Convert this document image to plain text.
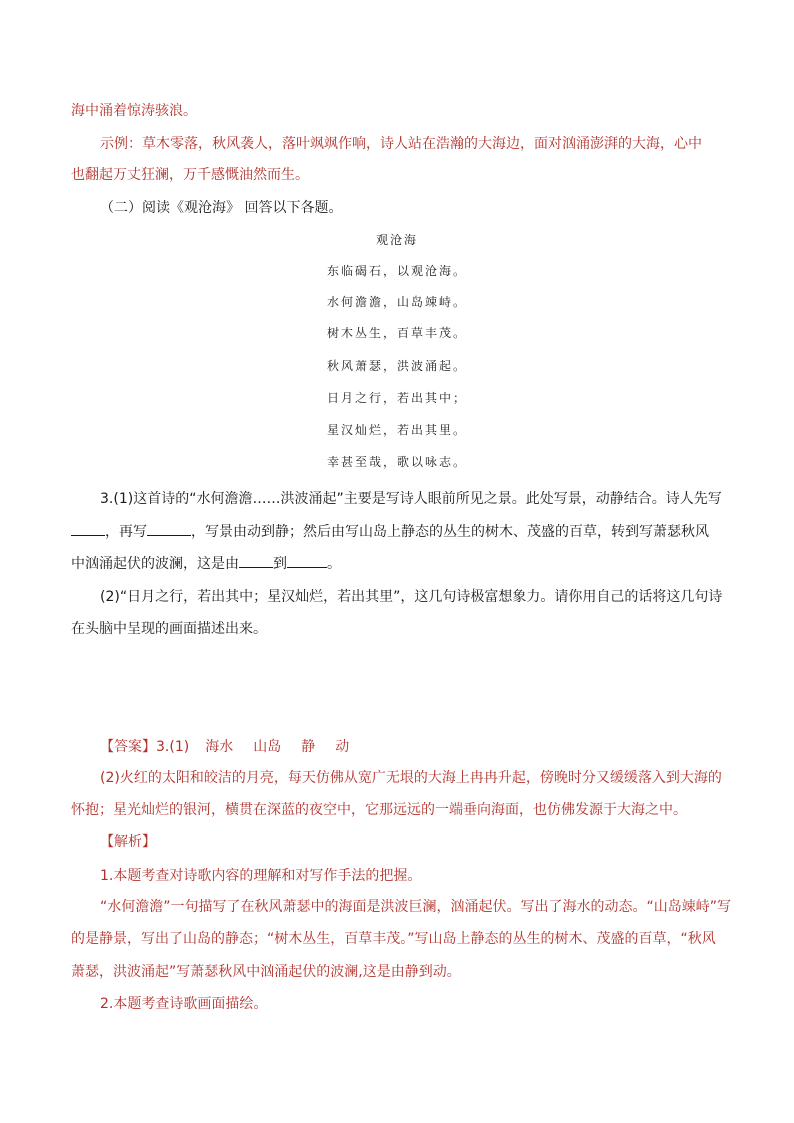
海中涌着惊涛骇浪。
示例：草木零落，秋风袭人，落叶飒飒作响，诗人站在浩瀚的大海边，面对汹涌澎湃的大海，心中
也翻起万丈狂澜，万千感慨油然而生。
（二）阅读《观沧海》 回答以下各题。
观沧海
东临碣石，以观沧海。
水何澹澹，山岛竦峙。
树木丛生，百草丰茂。
秋风萧瑟，洪波涌起。
日月之行，若出其中；
星汉灿烂，若出其里。
幸甚至哉，歌以咏志。
3.(1)这首诗的“水何澹澹……洪波涌起”主要是写诗人眼前所见之景。此处写景，动静结合。诗人先写
，再写	，写景由动到静；然后由写山岛上静态的丛生的树木、茂盛的百草，转到写萧瑟秋风
中汹涌起伏的波澜，这是由 到	。
(2)“日月之行，若出其中；星汉灿烂，若出其里”，这几句诗极富想象力。请你用自己的话将这几句诗
在头脑中呈现的画面描述出来。
【答案】3.(1) 海水 山岛 静 动
(2)火红的太阳和皎洁的月亮，每天仿佛从宽广无垠的大海上冉冉升起，傍晚时分又缓缓落入到大海的
怀抱；星光灿烂的银河，横贯在深蓝的夜空中，它那远远的一端垂向海面，也仿佛发源于大海之中。
【解析】
1.本题考查对诗歌内容的理解和对写作手法的把握。
“水何澹澹”一句描写了在秋风萧瑟中的海面是洪波巨澜，汹涌起伏。写出了海水的动态。“山岛竦峙”写
的是静景，写出了山岛的静态；“树木丛生，百草丰茂。”写山岛上静态的丛生的树木、茂盛的百草，“秋风
萧瑟，洪波涌起”写萧瑟秋风中汹涌起伏的波澜,这是由静到动。
2.本题考查诗歌画面描绘。
